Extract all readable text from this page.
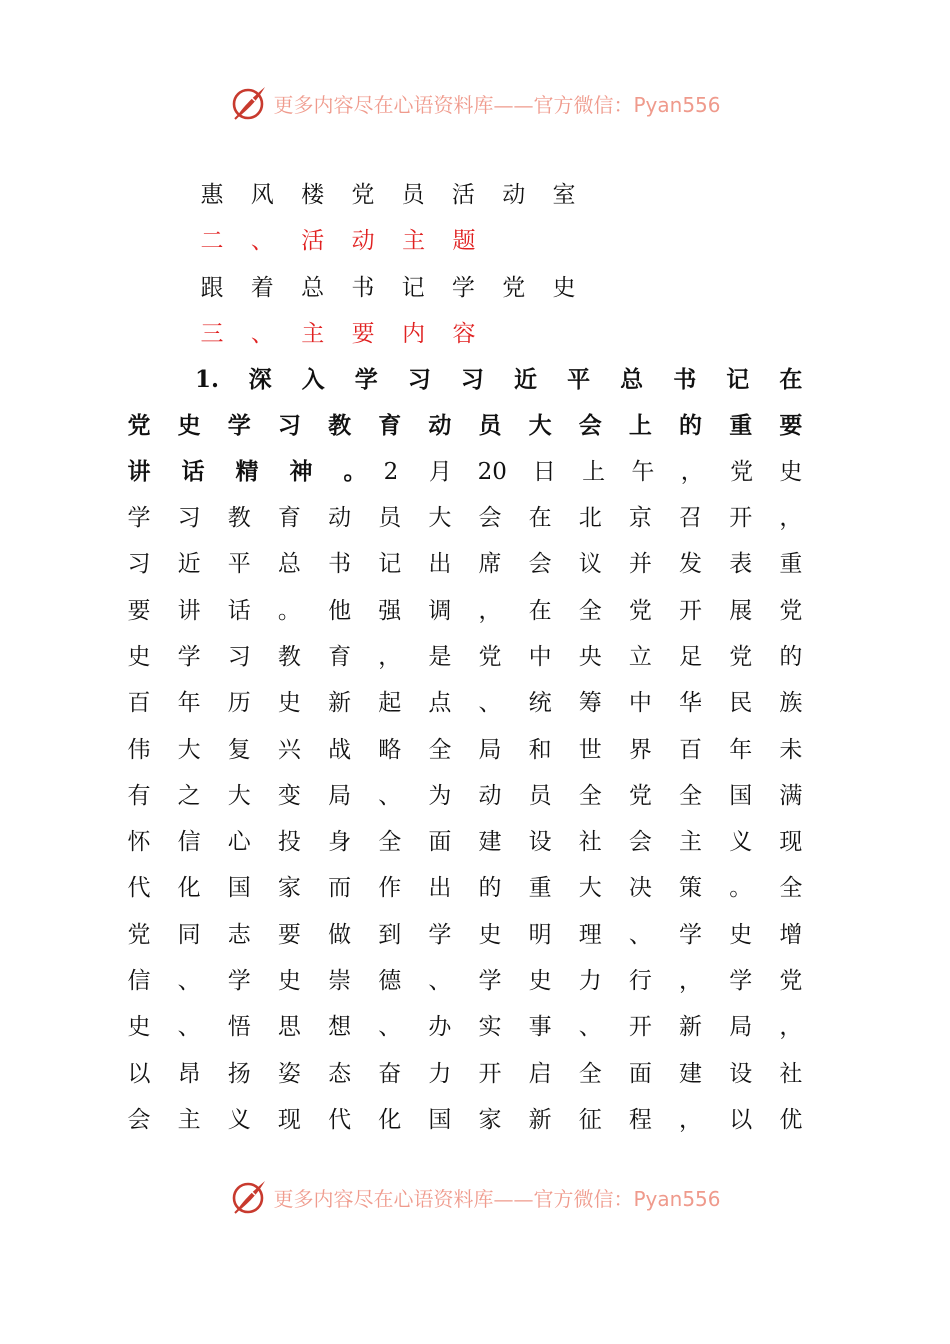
更多内容尽在心语资料库——官方微信：Pyan556
惠 风 楼 党 员 活 动 室
二 、 活 动 主 题
跟 着 总 书 记 学 党 史
三 、 主 要 内 容
1. 深 入 学 习 习 近 平 总 书 记 在
党 史 学 习 教 育 动 员 大 会 上 的 重 要
讲 话 精 神 。 2 月 20 日 上 午 ， 党 史
学 习 教 育 动 员 大 会 在 北 京 召 开 ，
习 近 平 总 书 记 出 席 会 议 并 发 表 重
要 讲 话 。 他 强 调 ， 在 全 党 开 展 党
史 学 习 教 育 ， 是 党 中 央 立 足 党 的
百 年 历 史 新 起 点 、 统 筹 中 华 民 族
伟 大 复 兴 战 略 全 局 和 世 界 百 年 未
有 之 大 变 局 、 为 动 员 全 党 全 国 满
怀 信 心 投 身 全 面 建 设 社 会 主 义 现
代 化 国 家 而 作 出 的 重 大 决 策 。 全
党 同 志 要 做 到 学 史 明 理 、 学 史 增
信 、 学 史 崇 德 、 学 史 力 行 ， 学 党
史 、 悟 思 想 、 办 实 事 、 开 新 局 ，
以 昂 扬 姿 态 奋 力 开 启 全 面 建 设 社
会 主 义 现 代 化 国 家 新 征 程 ， 以 优
更多内容尽在心语资料库——官方微信：Pyan556
